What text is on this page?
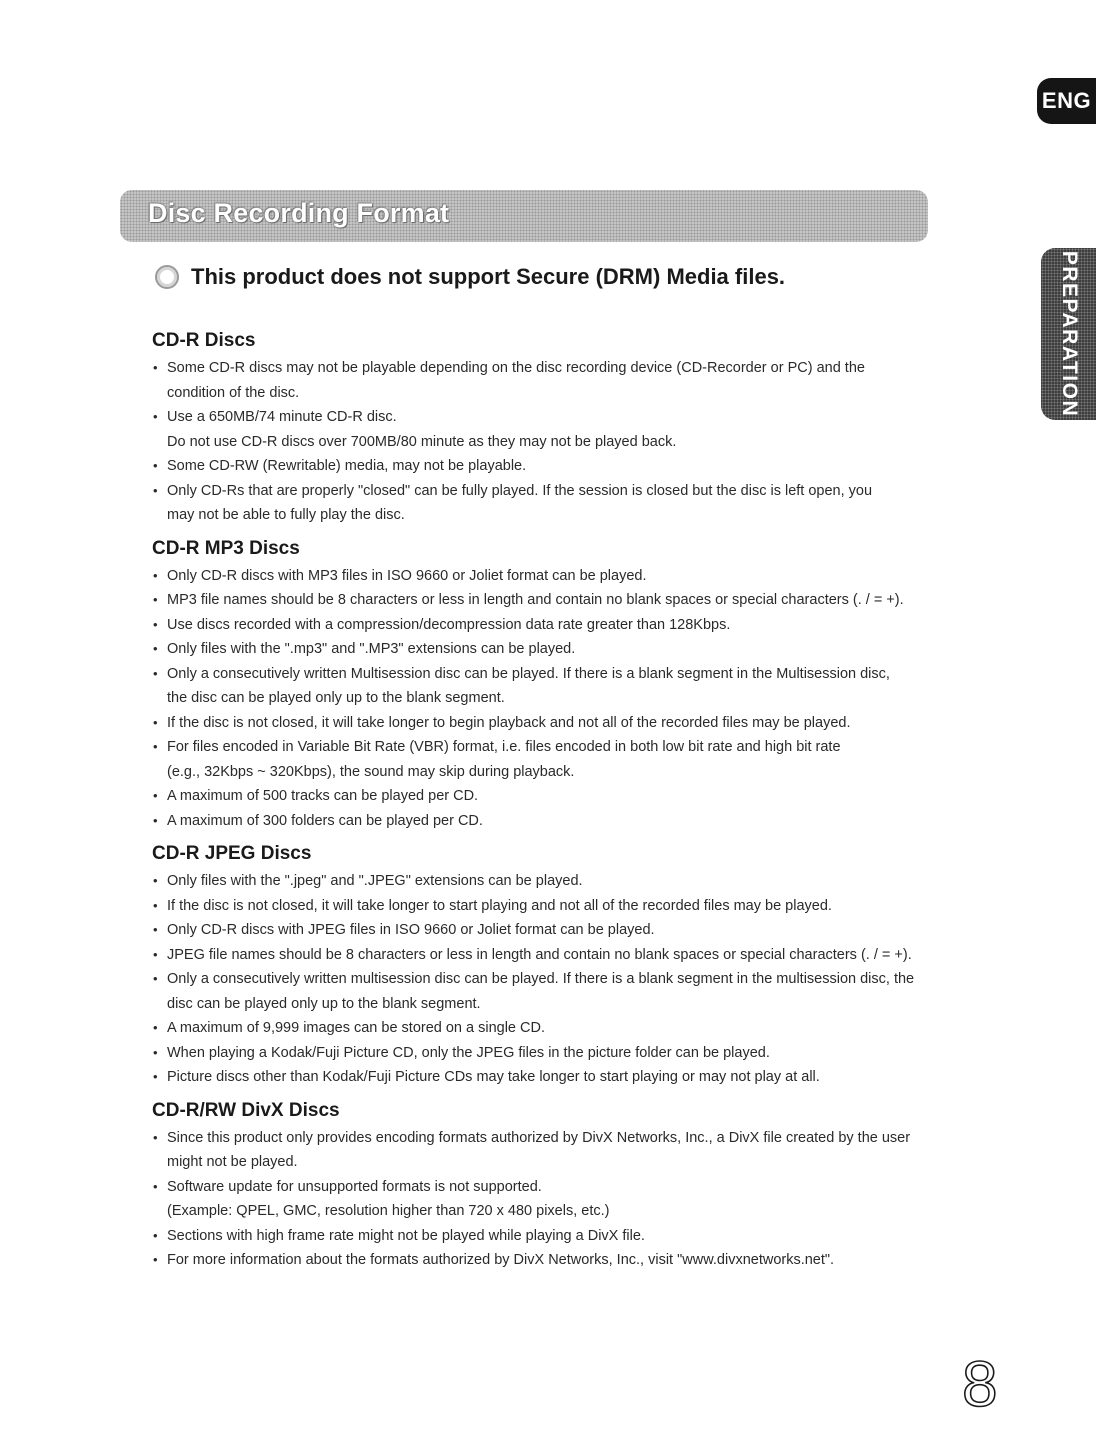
ENG
PREPARATION
Disc Recording Format
This product does not support Secure (DRM) Media files.
CD-R Discs
• Some CD-R discs may not be playable depending on the disc recording device (CD-Recorder or PC) and the
condition of the disc.
• Use a 650MB/74 minute CD-R disc.
Do not use CD-R discs over 700MB/80 minute as they may not be played back.
• Some CD-RW (Rewritable) media, may not be playable.
• Only CD-Rs that are properly "closed" can be fully played. If the session is closed but the disc is left open, you
may not be able to fully play the disc.
CD-R MP3 Discs
• Only CD-R discs with MP3 files in ISO 9660 or Joliet format can be played.
• MP3 file names should be 8 characters or less in length and contain no blank spaces or special characters (. / = +).
• Use discs recorded with a compression/decompression data rate greater than 128Kbps.
• Only files with the ".mp3" and ".MP3" extensions can be played.
• Only a consecutively written Multisession disc can be played. If there is a blank segment in the Multisession disc,
the disc can be played only up to the blank segment.
• If the disc is not closed, it will take longer to begin playback and not all of the recorded files may be played.
• For files encoded in Variable Bit Rate (VBR) format, i.e. files encoded in both low bit rate and high bit rate
(e.g., 32Kbps ~ 320Kbps), the sound may skip during playback.
• A maximum of 500 tracks can be played per CD.
• A maximum of 300 folders can be played per CD.
CD-R JPEG Discs
• Only files with the ".jpeg" and ".JPEG" extensions can be played.
• If the disc is not closed, it will take longer to start playing and not all of the recorded files may be played.
• Only CD-R discs with JPEG files in ISO 9660 or Joliet format can be played.
• JPEG file names should be 8 characters or less in length and contain no blank spaces or special characters (. / = +).
• Only a consecutively written multisession disc can be played. If there is a blank segment in the multisession disc, the
disc can be played only up to the blank segment.
• A maximum of 9,999 images can be stored on a single CD.
• When playing a Kodak/Fuji Picture CD, only the JPEG files in the picture folder can be played.
• Picture discs other than Kodak/Fuji Picture CDs may take longer to start playing or may not play at all.
CD-R/RW DivX Discs
• Since this product only provides encoding formats authorized by DivX Networks, Inc., a DivX file created by the user
might not be played.
• Software update for unsupported formats is not supported.
(Example: QPEL, GMC, resolution higher than 720 x 480 pixels, etc.)
• Sections with high frame rate might not be played while playing a DivX file.
• For more information about the formats authorized by DivX Networks, Inc., visit "www.divxnetworks.net".
8
